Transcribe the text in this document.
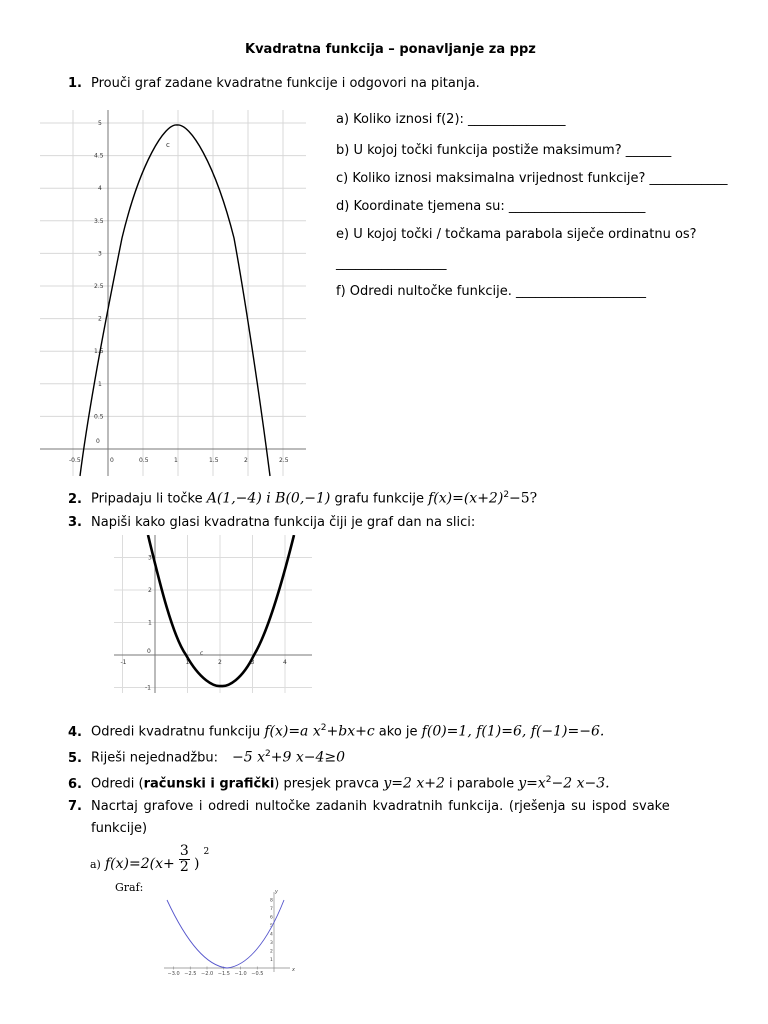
Kvadratna funkcija – ponavljanje za ppz
1. Prouči graf zadane kvadratne funkcije i odgovori na pitanja.
-0.5	0	0.5	1	1.5	2	2.5
0
0.5
1
1.5
2
2.5
3
3.5
4
4.5
5
c
a) Koliko iznosi f(2): _______________
b) U kojoj točki funkcija postiže maksimum? _______
c) Koliko iznosi maksimalna vrijednost funkcije? ____________
d) Koordinate tjemena su: _____________________
e) U kojoj točki / točkama parabola siječe ordinatnu os?
_________________
f) Odredi nultočke funkcije. ____________________
2. Pripadaju li točke A(1,−4) i B(0,−1) grafu funkcije $f(x)=(x+2)^2-5$?
3. Napiši kako glasi kvadratna funkcija čiji je graf dan na slici:
-1
0
1	2	3	4
-1
1
2
3
c
4. Odredi kvadratnu funkciju f(x)=a $x^2+bx+c$ ako je f(0)=1, f(1)=6, f(−1)=−6.
5. Riješi nejednadžbu: −5 $x^2+9$ x−4≥0
6. Odredi (računski i grafički) presjek pravca y=2 x+2 i parabole $y=x^2-2$ x−3.
7. Nacrtaj grafove i odredi nultočke zadanih kvadratnih funkcija. (rješenja su ispod svake
funkcije)
$_{a)}$ $f(x)=2(x+ \frac{3}{2}$ ) 2
Graf:
−3.0 −2.5 −2.0 −1.5 −1.0 −0.5
1
2
3
4
5
6
7
8
x
y
